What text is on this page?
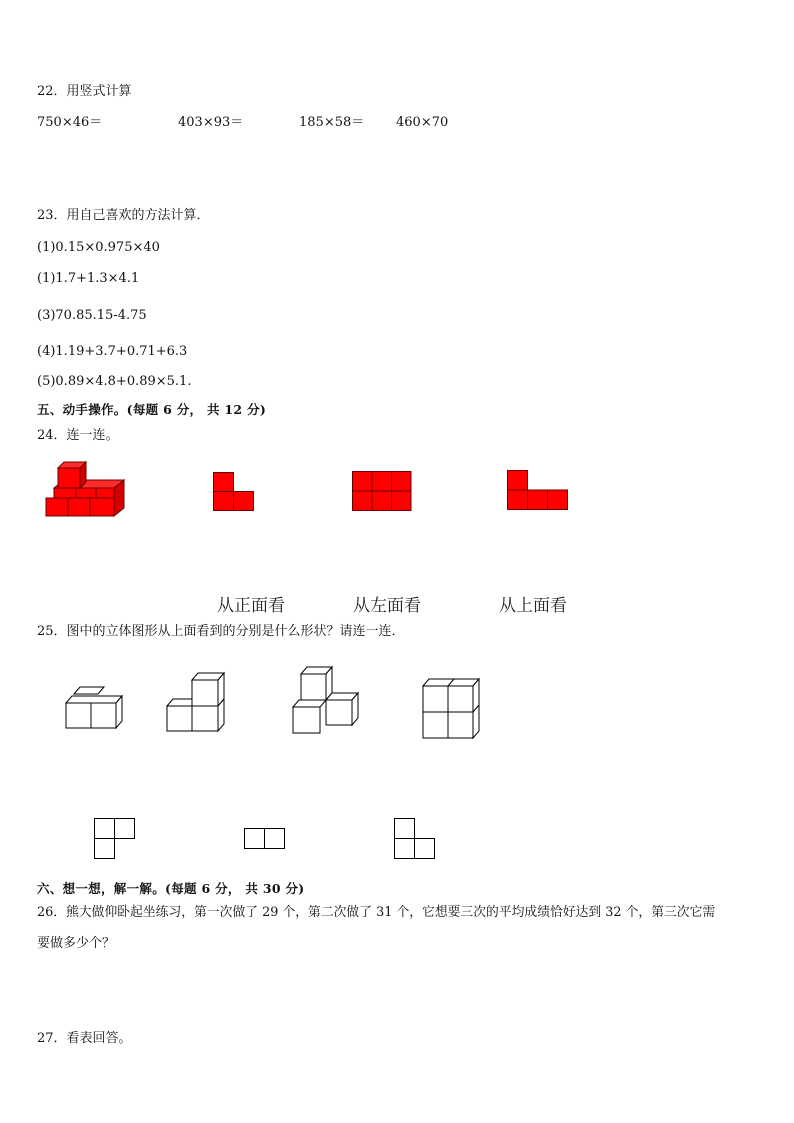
22．用竖式计算
750×46＝	403×93＝	185×58＝ 460×70
23．用自己喜欢的方法计算．
(1)0.15×0.975×40
(1)1.7+1.3×4.1
(3)70.85.15-4.75
(4)1.19+3.7+0.71+6.3
(5)0.89×4.8+0.89×5.1.
五、动手操作。(每题 6 分， 共 12 分)
24．连一连。
从正面看	从左面看	从上面看
25．图中的立体图形从上面看到的分别是什么形状？请连一连．
六、想一想，解一解。(每题 6 分， 共 30 分)
26．熊大做仰卧起坐练习，第一次做了 29 个，第二次做了 31 个，它想要三次的平均成绩恰好达到 32 个，第三次它需
要做多少个？
27．看表回答。
